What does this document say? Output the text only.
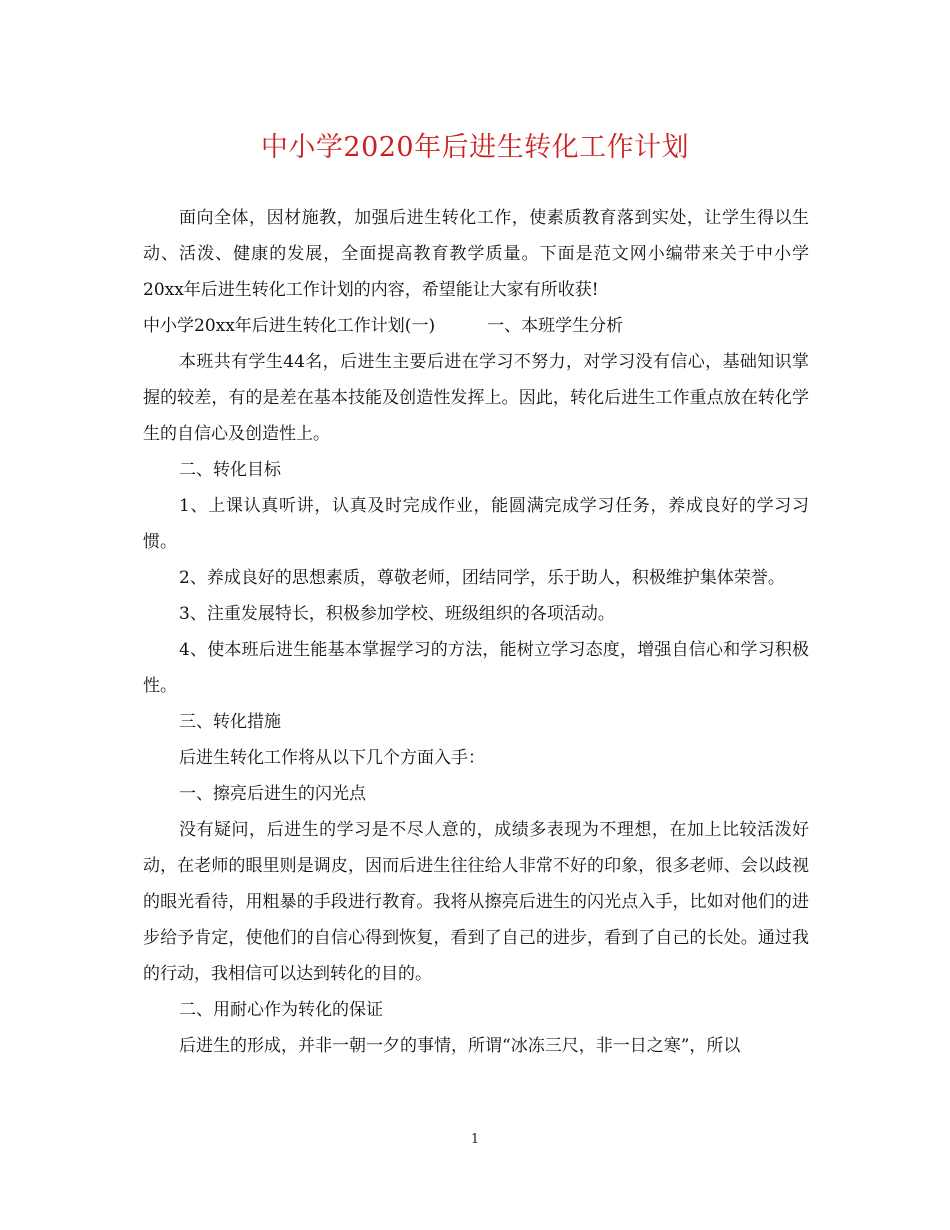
中小学2020年后进生转化工作计划

面向全体，因材施教，加强后进生转化工作，使素质教育落到实处，让学生得以生动、活泼、健康的发展，全面提高教育教学质量。下面是范文网小编带来关于中小学20xx年后进生转化工作计划的内容，希望能让大家有所收获!

中小学20xx年后进生转化工作计划(一)	一、本班学生分析

本班共有学生44名，后进生主要后进在学习不努力，对学习没有信心，基础知识掌握的较差，有的是差在基本技能及创造性发挥上。因此，转化后进生工作重点放在转化学生的自信心及创造性上。

二、转化目标

1、上课认真听讲，认真及时完成作业，能圆满完成学习任务，养成良好的学习习惯。

2、养成良好的思想素质，尊敬老师，团结同学，乐于助人，积极维护集体荣誉。

3、注重发展特长，积极参加学校、班级组织的各项活动。

4、使本班后进生能基本掌握学习的方法，能树立学习态度，增强自信心和学习积极性。

三、转化措施

后进生转化工作将从以下几个方面入手：

一、擦亮后进生的闪光点

没有疑问，后进生的学习是不尽人意的，成绩多表现为不理想，在加上比较活泼好动，在老师的眼里则是调皮，因而后进生往往给人非常不好的印象，很多老师、会以歧视的眼光看待，用粗暴的手段进行教育。我将从擦亮后进生的闪光点入手，比如对他们的进步给予肯定，使他们的自信心得到恢复，看到了自己的进步，看到了自己的长处。通过我的行动，我相信可以达到转化的目的。

二、用耐心作为转化的保证

后进生的形成，并非一朝一夕的事情，所谓“冰冻三尺，非一日之寒”，所以

1
